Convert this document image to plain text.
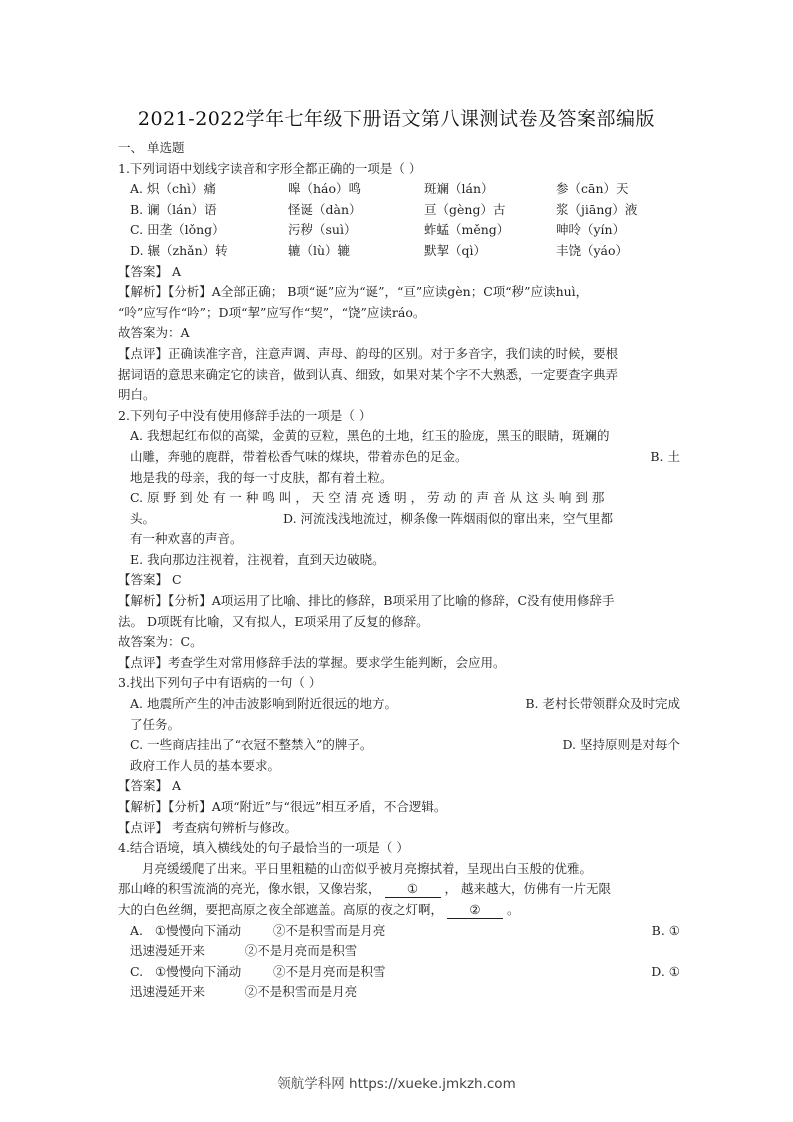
2021-2022学年七年级下册语文第八课测试卷及答案部编版
一、 单选题
1.下列词语中划线字读音和字形全都正确的一项是（ ）
A. 炽（chì）痛	嗥（háo）鸣	斑斓（lán）	参（cān）天
B. 谰（lán）语	怪诞（dàn）	亘（gèng）古	浆（jiāng）液
C. 田垄（lǒng）	污秽（suì）	蚱蜢（měng）	呻呤（yín）
D. 辗（zhǎn）转	辘（lù）辘	默挈（qì）	丰饶（yáo）
【答案】 A
【解析】【分析】A全部正确； B项“诞”应为“诞”，“亘”应读gèn；C项“秽”应读huì，
“呤”应写作“吟”；D项“挈”应写作“契”，“饶”应读ráo。
故答案为：A
【点评】正确读准字音，注意声调、声母、韵母的区别。对于多音字，我们读的时候，要根
据词语的意思来确定它的读音，做到认真、细致，如果对某个字不大熟悉，一定要查字典弄
明白。
2.下列句子中没有使用修辞手法的一项是（ ）
A. 我想起红布似的高粱，金黄的豆粒，黑色的土地，红玉的脸庞，黑玉的眼睛，斑斓的
山雕，奔驰的鹿群，带着松香气味的煤块，带着赤色的足金。	B. 土
地是我的母亲，我的每一寸皮肤，都有着土粒。
C. 原 野 到 处 有 一 种 鸣 叫 ， 天 空 清 亮 透 明 ， 劳 动 的 声 音 从 这 头 响 到 那
头。	D. 河流浅浅地流过，柳条像一阵烟雨似的窜出来，空气里都
有一种欢喜的声音。
E. 我向那边注视着，注视着，直到天边破晓。
【答案】 C
【解析】【分析】A项运用了比喻、排比的修辞，B项采用了比喻的修辞，C没有使用修辞手
法。 D项既有比喻，又有拟人，E项采用了反复的修辞。
故答案为：C。
【点评】考查学生对常用修辞手法的掌握。要求学生能判断，会应用。
3.找出下列句子中有语病的一句（ ）
A. 地震所产生的冲击波影响到附近很远的地方。	B. 老村长带领群众及时完成
了任务。
C. 一些商店挂出了“衣冠不整禁入”的牌子。	D. 坚持原则是对每个
政府工作人员的基本要求。
【答案】 A
【解析】【分析】A项“附近”与“很远”相互矛盾，不合逻辑。
【点评】 考查病句辨析与修改。
4.结合语境，填入横线处的句子最恰当的一项是（ ）
月亮缓缓爬了出来。平日里粗糙的山峦似乎被月亮擦拭着，呈现出白玉般的优雅。
那山峰的积雪流淌的亮光，像水银，又像岩浆， ① ， 越来越大，仿佛有一片无限
大的白色丝绸，要把高原之夜全部遮盖。高原的夜之灯啊， ② 。
A.   ①慢慢向下涌动        ②不是积雪而是月亮	B. ①
迅速漫延开来          ②不是月亮而是积雪
C.   ①慢慢向下涌动        ②不是月亮而是积雪	D. ①
迅速漫延开来          ②不是积雪而是月亮
领航学科网 https://xueke.jmkzh.com
